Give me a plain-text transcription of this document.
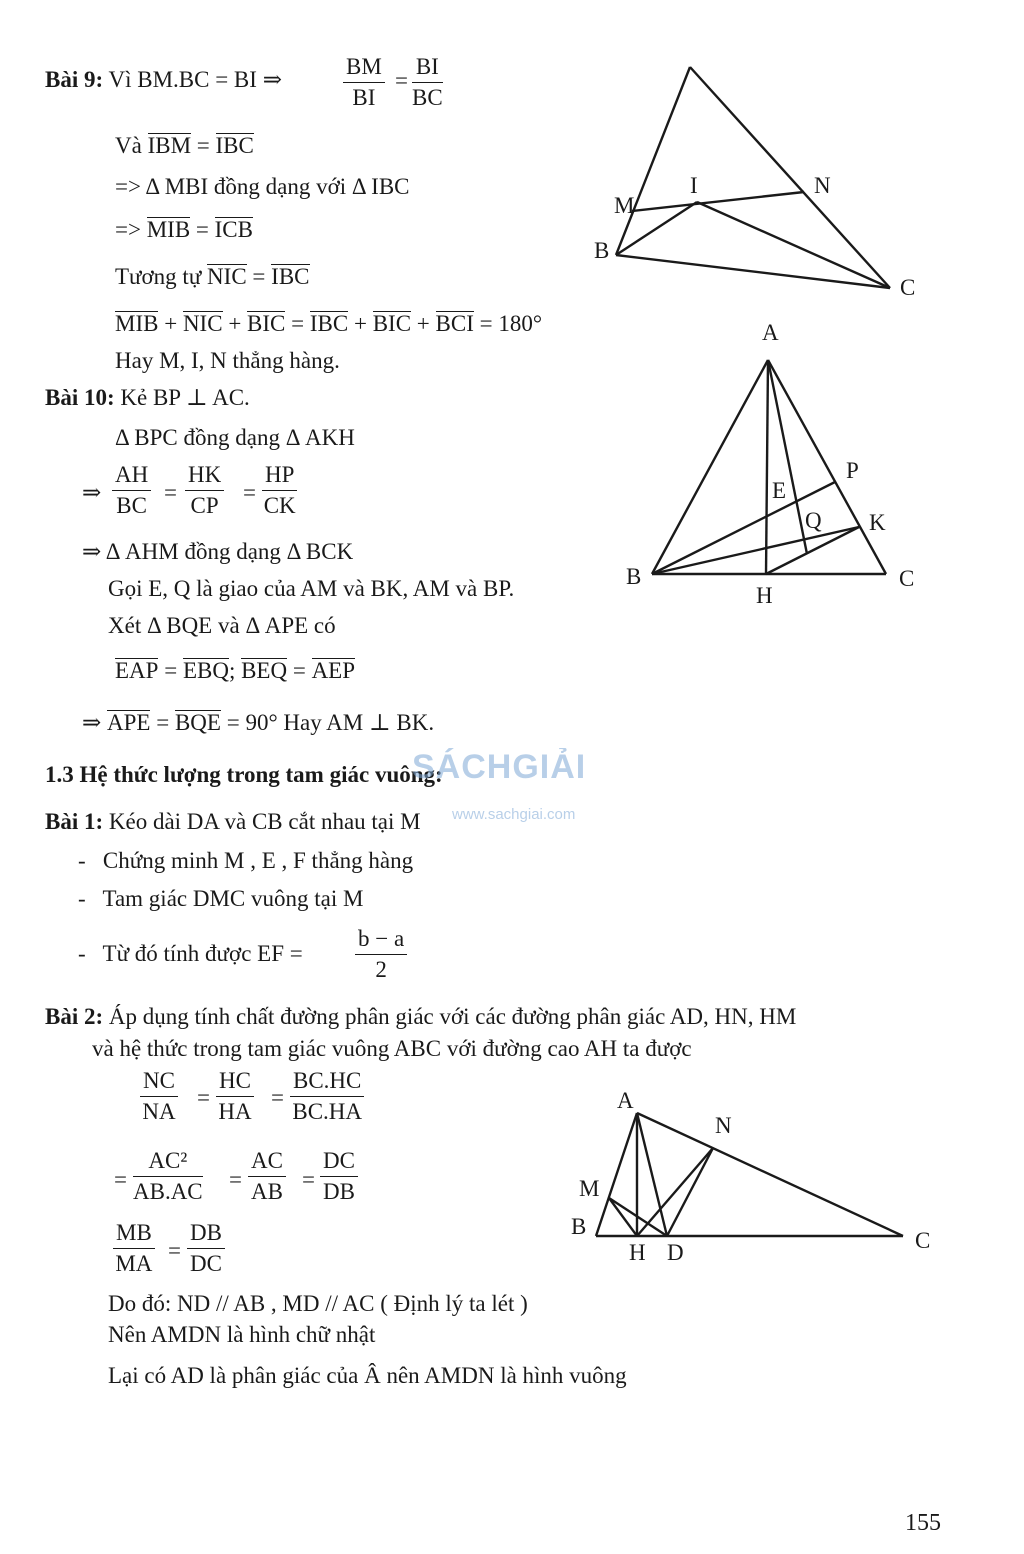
Bài 9: Vì BM.BC = BI ⇒	$\frac{BM}{BI} = \frac{BI}{BC}$
Và IBM = IBC
=> Δ MBI đồng dạng với Δ IBC
=> MIB = ICB
Tương tự NIC = IBC
MIB + NIC + BIC = IBC + BIC + BCI = 180°
Hay M, I, N thẳng hàng.
Bài 10: Kẻ BP ⊥ AC.
Δ BPC đồng dạng Δ AKH
⇒ $\frac{AH}{BC} = \frac{HK}{CP} = \frac{HP}{CK}$
⇒ Δ AHM đồng dạng Δ BCK
Gọi E, Q là giao của AM và BK, AM và BP.
Xét Δ BQE và Δ APE có
EAP = EBQ; BEQ = AEP
⇒ APE = BQE = 90° Hay AM ⊥ BK.
1.3 Hệ thức lượng trong tam giác vuông:
SÁCHGIẢI
www.sachgiai.com
Bài 1: Kéo dài DA và CB cắt nhau tại M
- Chứng minh M , E , F thẳng hàng
- Tam giác DMC vuông tại M
- Từ đó tính được EF = $\frac{b - a}{2}$
Bài 2: Áp dụng tính chất đường phân giác với các đường phân giác AD, HN, HM
và hệ thức trong tam giác vuông ABC với đường cao AH ta được
$\frac{NC}{NA} = \frac{HC}{HA} = \frac{BC.HC}{BC.HA}$
= $\frac{\text{AC²}}{AB.AC} = \frac{AC}{AB} = \frac{DC}{DB}$
$\frac{MB}{MA} = \frac{DB}{DC}$
Do đó: ND // AB , MD // AC ( Định lý ta lét )
Nên AMDN là hình chữ nhật
Lại có AD là phân giác của Â nên AMDN là hình vuông
155
M
I	N
B
C
A
P
E
Q K
B
H
C
A
N
M
B
H D	C
